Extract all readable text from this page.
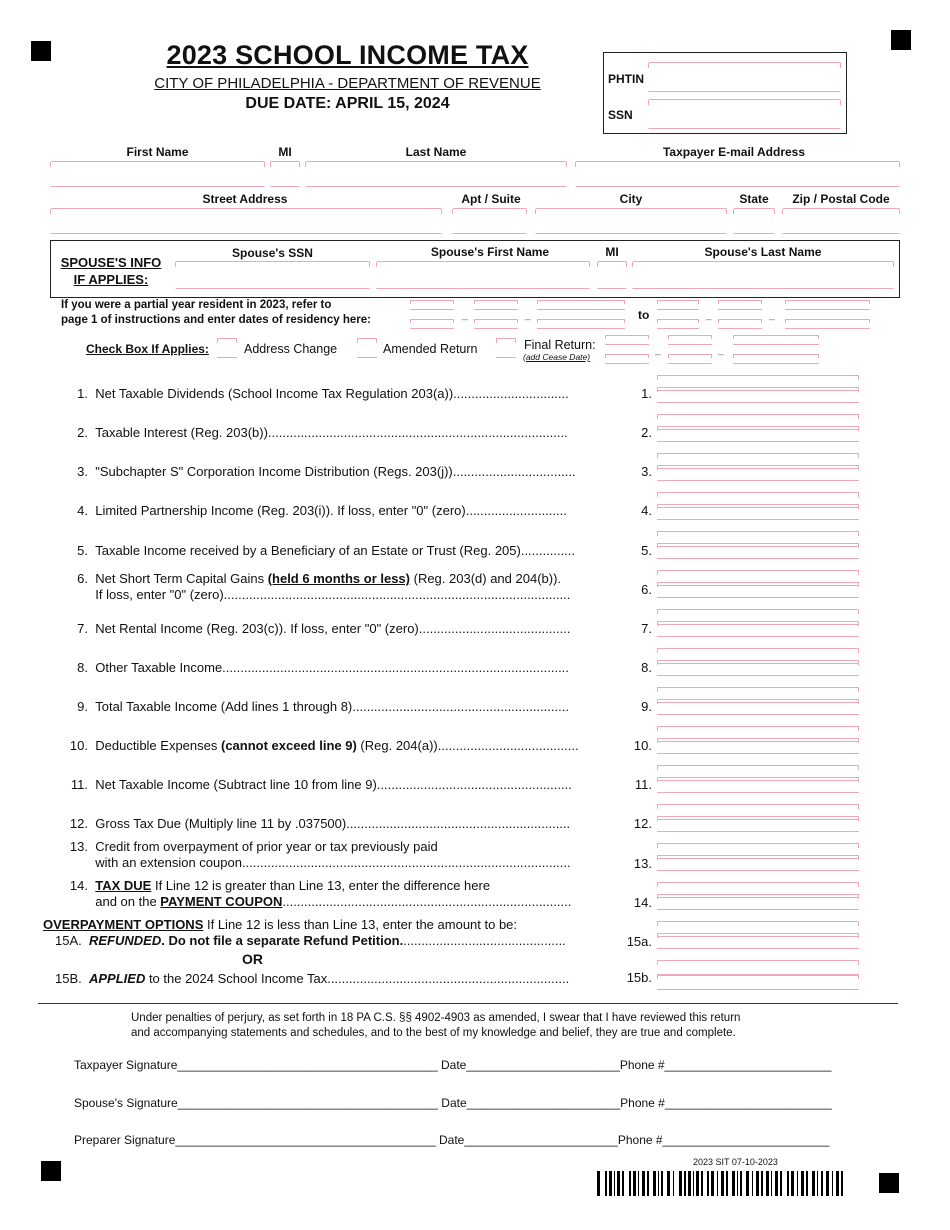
2023 SCHOOL INCOME TAX
CITY OF PHILADELPHIA - DEPARTMENT OF REVENUE
DUE DATE: APRIL 15, 2024
PHTIN
SSN
First Name	MI	Last Name	Taxpayer E-mail Address
Street Address	Apt / Suite	City	State	Zip / Postal Code
SPOUSE'S INFO
IF APPLIES:
Spouse's SSN	Spouse's First Name	MI	Spouse's Last Name
If you were a partial year resident in 2023, refer to
page 1 of instructions and enter dates of residency here:	_	_	to	_	_
Check Box If Applies:	Address Change	Amended Return	Final Return:
(add Cease Date)
_	_
1. Net Taxable Dividends (School Income Tax Regulation 203(a))................................	1.
2. Taxable Interest (Reg. 203(b))...................................................................................	2.
3. "Subchapter S" Corporation Income Distribution (Regs. 203(j))..................................	3.
4. Limited Partnership Income (Reg. 203(i)). If loss, enter "0" (zero)............................	4.
5. Taxable Income received by a Beneficiary of an Estate or Trust (Reg. 205)...............	5.
6. Net Short Term Capital Gains (held 6 months or less) (Reg. 203(d) and 204(b)).
If loss, enter "0" (zero)................................................................................................	6.
7. Net Rental Income (Reg. 203(c)). If loss, enter "0" (zero)..........................................	7.
8. Other Taxable Income................................................................................................	8.
9. Total Taxable Income (Add lines 1 through 8)............................................................	9.
10. Deductible Expenses (cannot exceed line 9) (Reg. 204(a)).......................................	10.
11. Net Taxable Income (Subtract line 10 from line 9)......................................................	11.
12. Gross Tax Due (Multiply line 11 by .037500)..............................................................	12.
13. Credit from overpayment of prior year or tax previously paid
with an extension coupon...........................................................................................	13.
14. TAX DUE If Line 12 is greater than Line 13, enter the difference here
and on the PAYMENT COUPON................................................................................	14.
OVERPAYMENT OPTIONS If Line 12 is less than Line 13, enter the amount to be:
15A. REFUNDED. Do not file a separate Refund Petition..............................................	15a.
OR
15B. APPLIED to the 2024 School Income Tax...................................................................	15b.
Under penalties of perjury, as set forth in 18 PA C.S. §§ 4902-4903 as amended, I swear that I have reviewed this return
and accompanying statements and schedules, and to the best of my knowledge and belief, they are true and complete.
Taxpayer Signature_______________________________________ Date_______________________Phone #_________________________
Spouse's Signature_______________________________________ Date_______________________Phone #_________________________
Preparer Signature_______________________________________ Date_______________________Phone #_________________________
2023 SIT 07-10-2023
